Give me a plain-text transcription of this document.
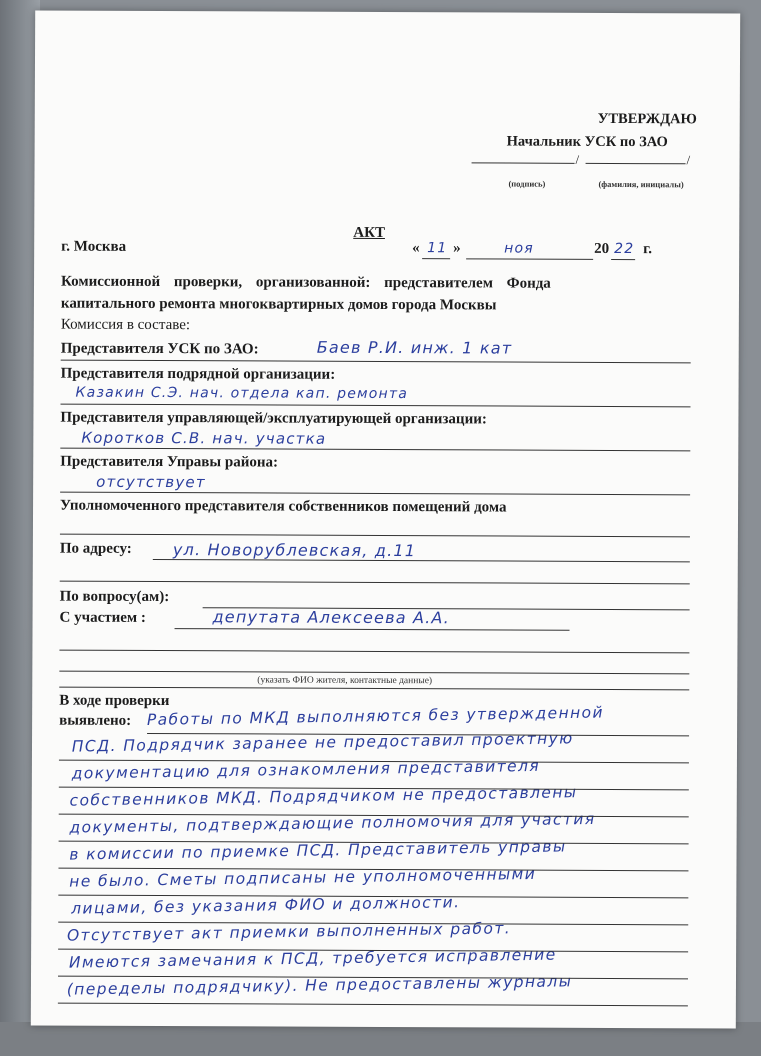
УТВЕРЖДАЮ
Начальник УСК по ЗАО
/	/
(подпись)	(фамилия, инициалы)
АКТ
г. Москва	« 11 »	ноя	20 22 г.
Комиссионной проверки, организованной: представителем Фонда
капитального ремонта многоквартирных домов города Москвы
Комиссия в составе:
Представителя УСК по ЗАО:	Баев Р.И. инж. 1 кат
Представителя подрядной организации:
Казакин С.Э. нач. отдела кап. ремонта
Представителя управляющей/эксплуатирующей организации:
Коротков С.В. нач. участка
Представителя Управы района:
отсутствует
Уполномоченного представителя собственников помещений дома
По адресу:	ул. Новорублевская, д.11
По вопросу(ам):
С участием :	депутата Алексеева А.А.
(указать ФИО жителя, контактные данные)
В ходе проверки
выявлено: Работы по МКД выполняются без утвержденной
ПСД. Подрядчик заранее не предоставил проектную
документацию для ознакомления представителя
собственников МКД. Подрядчиком не предоставлены
документы, подтверждающие полномочия для участия
в комиссии по приемке ПСД. Представитель управы
не было. Сметы подписаны не уполномоченными
лицами, без указания ФИО и должности.
Отсутствует акт приемки выполненных работ.
Имеются замечания к ПСД, требуется исправление
(переделы подрядчику). Не предоставлены журналы
